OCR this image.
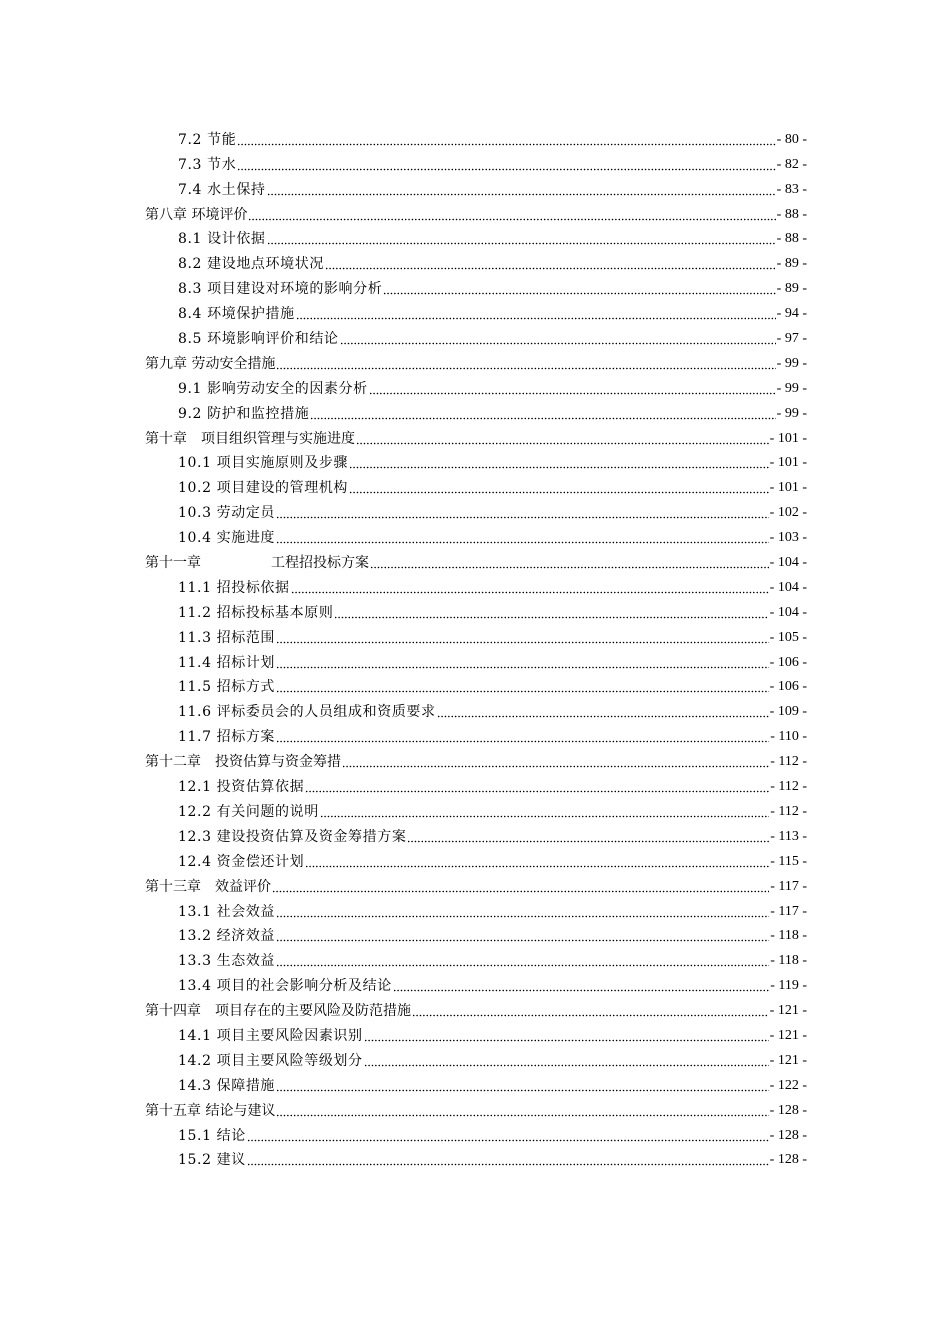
7.2 节能	- 80 -
7.3 节水	- 82 -
7.4 水土保持	- 83 -
第八章 环境评价	- 88 -
8.1 设计依据	- 88 -
8.2 建设地点环境状况	- 89 -
8.3 项目建设对环境的影响分析	- 89 -
8.4 环境保护措施	- 94 -
8.5 环境影响评价和结论	- 97 -
第九章 劳动安全措施	- 99 -
9.1 影响劳动安全的因素分析	- 99 -
9.2 防护和监控措施	- 99 -
第十章　项目组织管理与实施进度	- 101 -
10.1 项目实施原则及步骤	- 101 -
10.2 项目建设的管理机构	- 101 -
10.3 劳动定员	- 102 -
10.4 实施进度	- 103 -
第十一章　　　　　工程招投标方案	- 104 -
11.1 招投标依据	- 104 -
11.2 招标投标基本原则	- 104 -
11.3 招标范围	- 105 -
11.4 招标计划	- 106 -
11.5 招标方式	- 106 -
11.6 评标委员会的人员组成和资质要求	- 109 -
11.7 招标方案	- 110 -
第十二章　投资估算与资金筹措	- 112 -
12.1 投资估算依据	- 112 -
12.2 有关问题的说明	- 112 -
12.3 建设投资估算及资金筹措方案	- 113 -
12.4 资金偿还计划	- 115 -
第十三章　效益评价	- 117 -
13.1 社会效益	- 117 -
13.2 经济效益	- 118 -
13.3 生态效益	- 118 -
13.4 项目的社会影响分析及结论	- 119 -
第十四章　项目存在的主要风险及防范措施	- 121 -
14.1 项目主要风险因素识别	- 121 -
14.2 项目主要风险等级划分	- 121 -
14.3 保障措施	- 122 -
第十五章 结论与建议	- 128 -
15.1 结论	- 128 -
15.2 建议	- 128 -
